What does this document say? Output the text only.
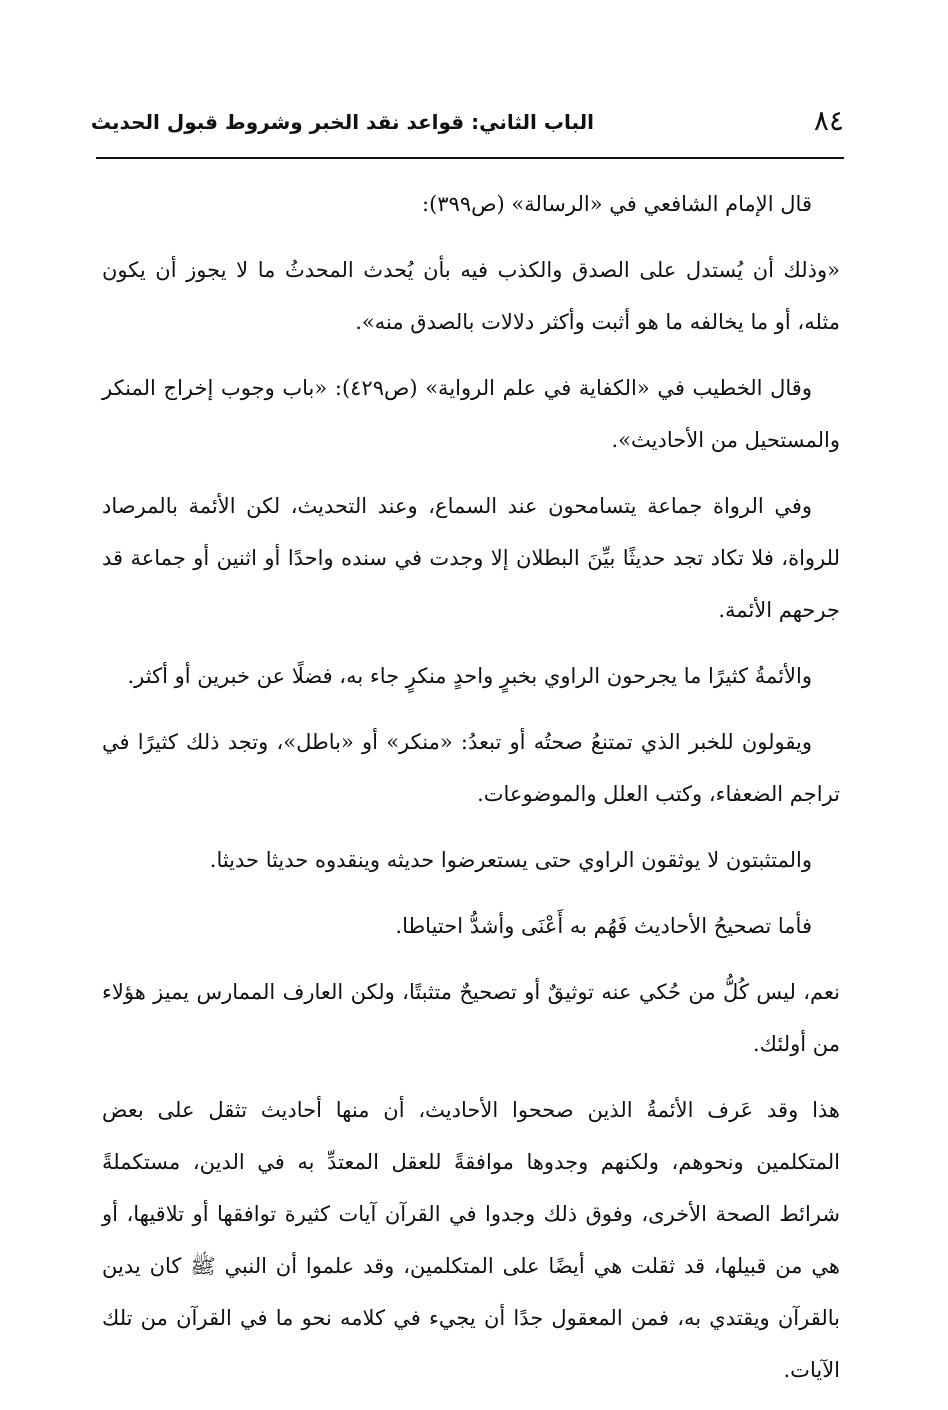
الباب الثاني: قواعد نقد الخبر وشروط قبول الحديث	٨٤

قال الإمام الشافعي في «الرسالة» (ص٣٩٩):

«وذلك أن يُستدل على الصدق والكذب فيه بأن يُحدث المحدثُ ما لا يجوز أن يكون مثله، أو ما يخالفه ما هو أثبت وأكثر دلالات بالصدق منه».

وقال الخطيب في «الكفاية في علم الرواية» (ص٤٢٩): «باب وجوب إخراج المنكر والمستحيل من الأحاديث».

وفي الرواة جماعة يتسامحون عند السماع، وعند التحديث، لكن الأئمة بالمرصاد للرواة، فلا تكاد تجد حديثًا بيِّنَ البطلان إلا وجدت في سنده واحدًا أو اثنين أو جماعة قد جرحهم الأئمة.

والأئمةُ كثيرًا ما يجرحون الراوي بخبرٍ واحدٍ منكرٍ جاء به، فضلًا عن خبرين أو أكثر.

ويقولون للخبر الذي تمتنعُ صحتُه أو تبعدُ: «منكر» أو «باطل»، وتجد ذلك كثيرًا في تراجم الضعفاء، وكتب العلل والموضوعات.

والمتثبتون لا يوثقون الراوي حتى يستعرضوا حديثه وينقدوه حديثا حديثا.

فأما تصحيحُ الأحاديث فَهُم به أَعْنَى وأشدُّ احتياطا.

نعم، ليس كُلُّ من حُكي عنه توثيقٌ أو تصحيحٌ متثبتًا، ولكن العارف الممارس يميز هؤلاء من أولئك.

هذا وقد عَرف الأئمةُ الذين صححوا الأحاديث، أن منها أحاديث تثقل على بعض المتكلمين ونحوهم، ولكنهم وجدوها موافقةً للعقل المعتدِّ به في الدين، مستكملةً شرائط الصحة الأخرى، وفوق ذلك وجدوا في القرآن آيات كثيرة توافقها أو تلاقيها، أو هي من قبيلها، قد ثقلت هي أيضًا على المتكلمين، وقد علموا أن النبي ﷺ كان يدين بالقرآن ويقتدي به، فمن المعقول جدًا أن يجيء في كلامه نحو ما في القرآن من تلك الآيات.
